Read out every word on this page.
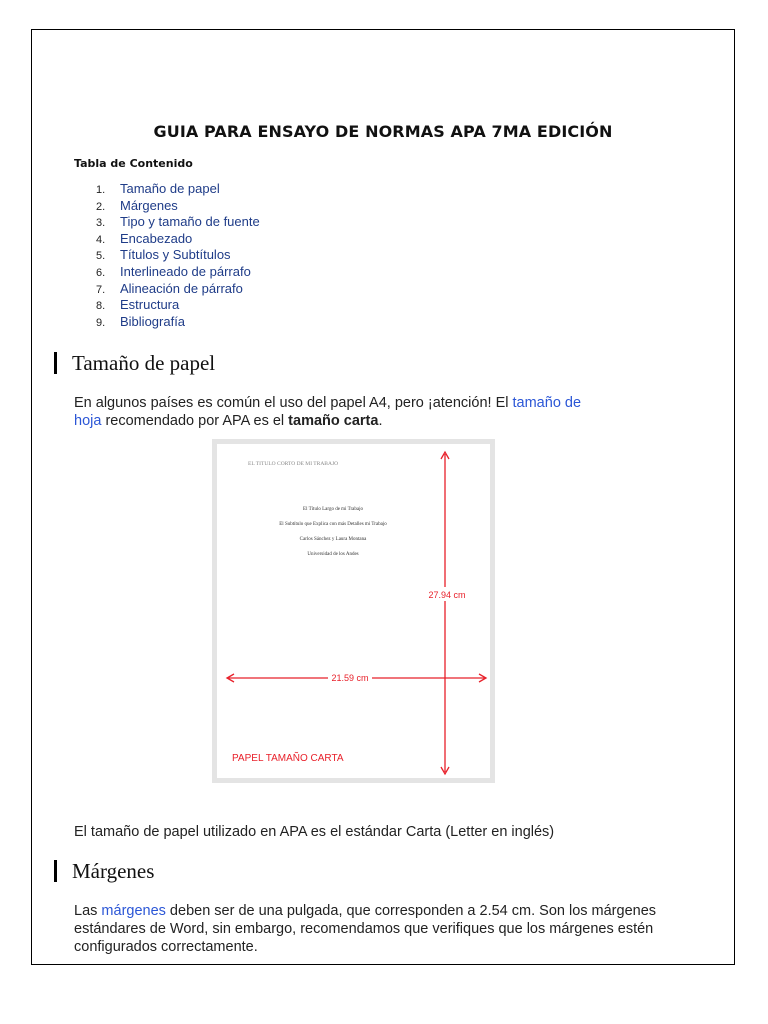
GUIA PARA ENSAYO DE NORMAS APA 7MA EDICIÓN
Tabla de Contenido
1. Tamaño de papel
2. Márgenes
3. Tipo y tamaño de fuente
4. Encabezado
5. Títulos y Subtítulos
6. Interlineado de párrafo
7. Alineación de párrafo
8. Estructura
9. Bibliografía
Tamaño de papel
En algunos países es común el uso del papel A4, pero ¡atención! El tamaño de
hoja recomendado por APA es el tamaño carta.
EL TITULO CORTO DE MI TRABAJO
El Título Largo de mi Trabajo
El Subtítulo que Explica con más Detalles mi Trabajo
Carlos Sánchez y Laura Montana
Universidad de los Andes
27.94 cm
21.59 cm
PAPEL TAMAÑO CARTA
El tamaño de papel utilizado en APA es el estándar Carta (Letter en inglés)
Márgenes
Las márgenes deben ser de una pulgada, que corresponden a 2.54 cm. Son los márgenes
estándares de Word, sin embargo, recomendamos que verifiques que los márgenes estén
configurados correctamente.
